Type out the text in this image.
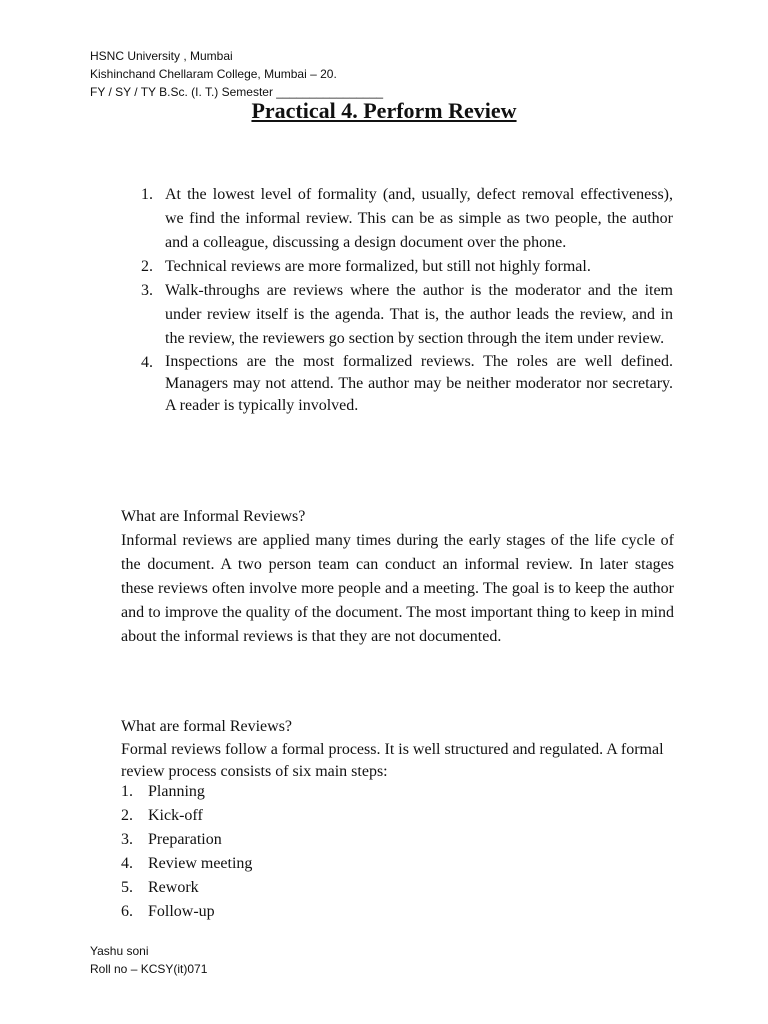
HSNC University , Mumbai
Kishinchand Chellaram College, Mumbai – 20.
FY / SY / TY B.Sc. (I. T.) Semester ________________
Practical 4. Perform Review
1. At the lowest level of formality (and, usually, defect removal effectiveness), we find the informal review. This can be as simple as two people, the author and a colleague, discussing a design document over the phone.
2. Technical reviews are more formalized, but still not highly formal.
3. Walk-throughs are reviews where the author is the moderator and the item under review itself is the agenda. That is, the author leads the review, and in the review, the reviewers go section by section through the item under review.
4. Inspections are the most formalized reviews. The roles are well defined. Managers may not attend. The author may be neither moderator nor secretary. A reader is typically involved.

What are Informal Reviews?

Informal reviews are applied many times during the early stages of the life cycle of the document. A two person team can conduct an informal review. In later stages these reviews often involve more people and a meeting. The goal is to keep the author and to improve the quality of the document. The most important thing to keep in mind about the informal reviews is that they are not documented.

What are formal Reviews?

Formal reviews follow a formal process. It is well structured and regulated. A formal review process consists of six main steps:

1. Planning
2. Kick-off
3. Preparation
4. Review meeting
5. Rework
6. Follow-up
Yashu soni
Roll no – KCSY(it)071
